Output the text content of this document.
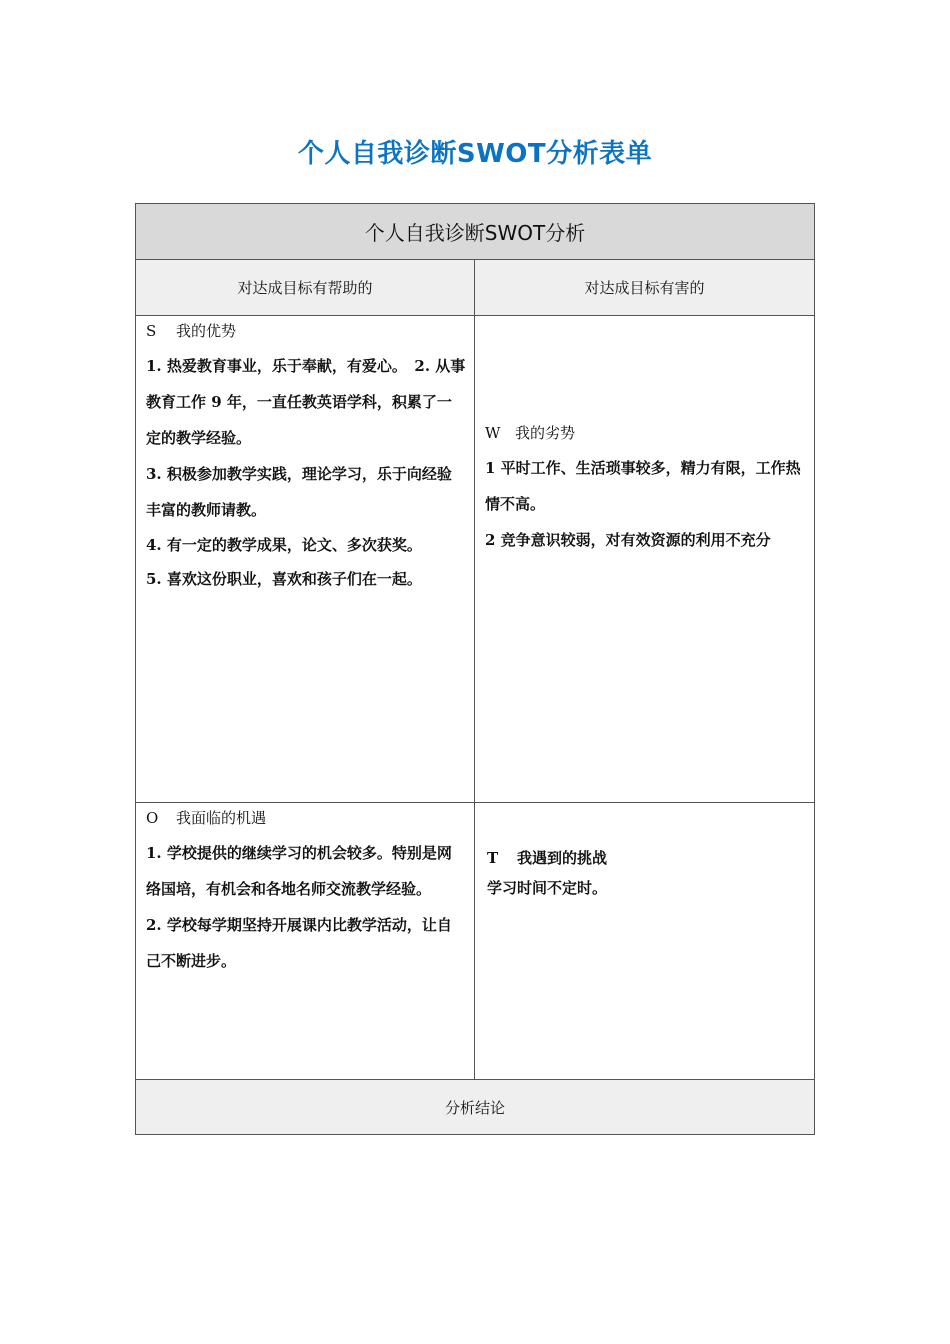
个人自我诊断SWOT分析表单
个人自我诊断SWOT分析
对达成目标有帮助的	对达成目标有害的
S 我的优势
1. 热爱教育事业，乐于奉献，有爱心。　2. 从事教育工作 9 年，一直任教英语学科，积累了一定的教学经验。
3. 积极参加教学实践，理论学习，乐于向经验丰富的教师请教。
4. 有一定的教学成果，论文、多次获奖。
5. 喜欢这份职业，喜欢和孩子们在一起。
W 我的劣势
1 平时工作、生活琐事较多，精力有限，工作热情不高。
2 竞争意识较弱，对有效资源的利用不充分
O 我面临的机遇
1. 学校提供的继续学习的机会较多。特别是网络国培，有机会和各地名师交流教学经验。
2. 学校每学期坚持开展课内比教学活动，让自己不断进步。
T 我遇到的挑战
学习时间不定时。
分析结论
